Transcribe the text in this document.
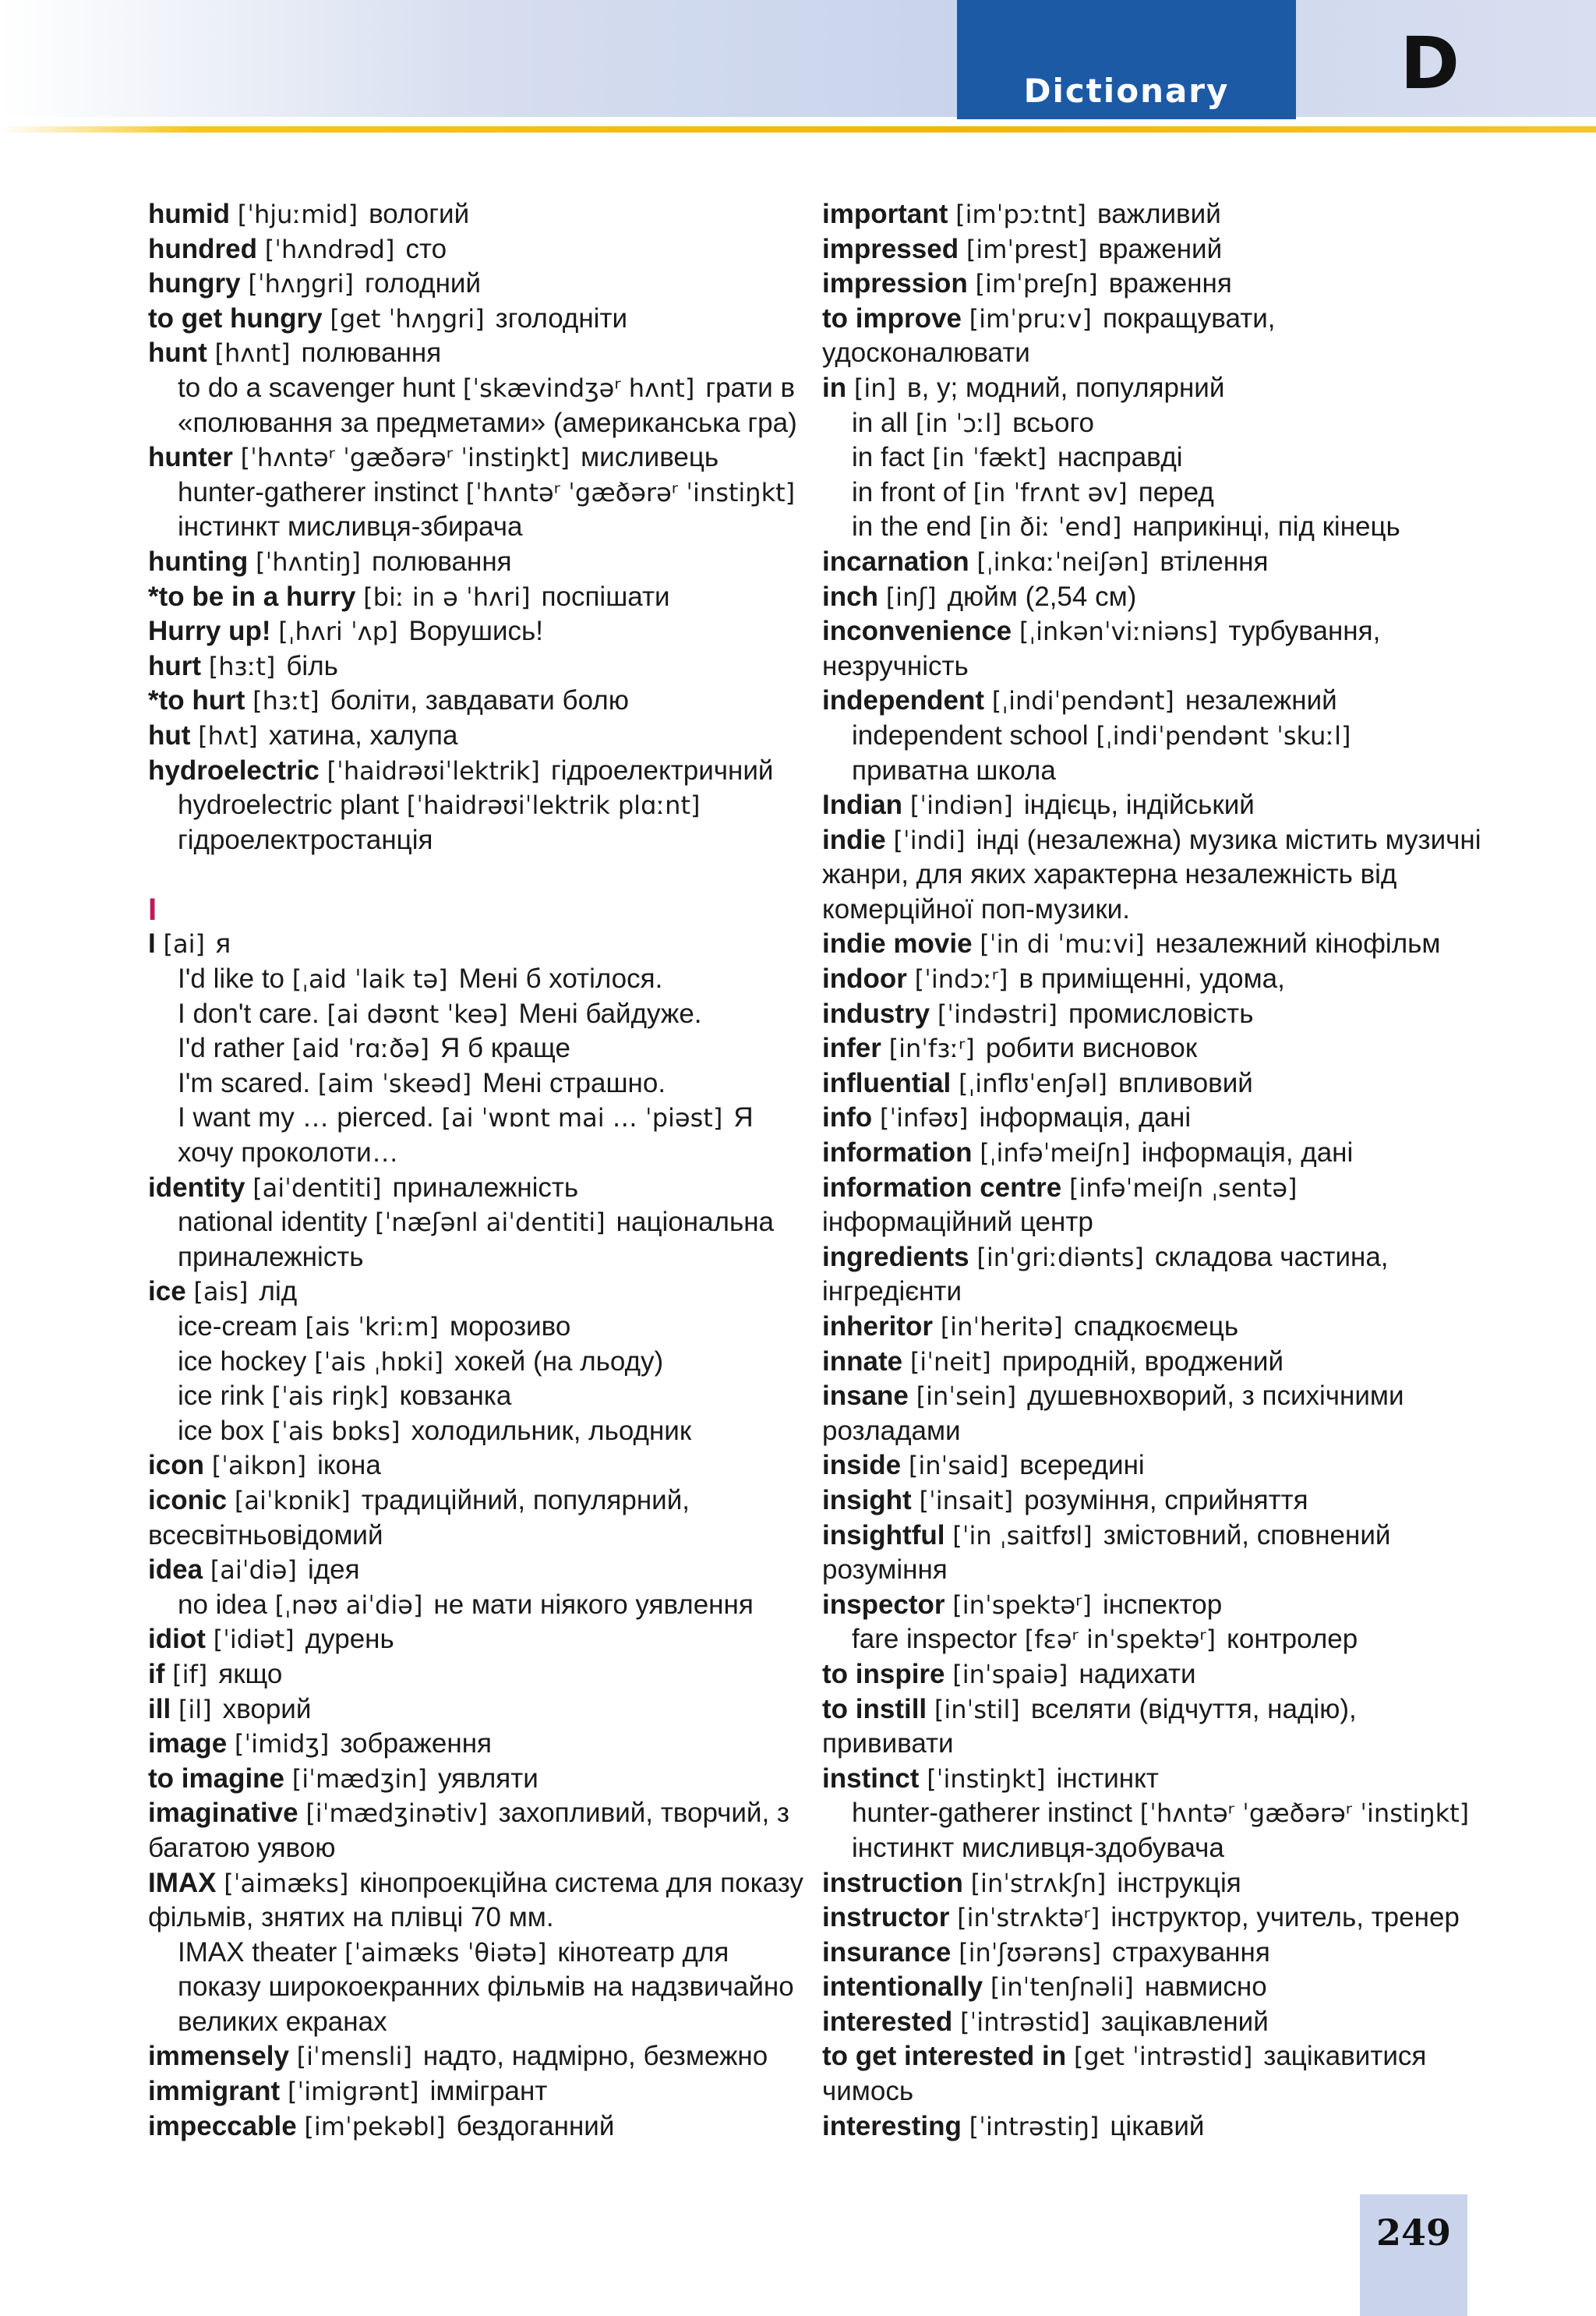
Dictionary	D
humid [ˈhjuːmid] вологий
hundred [ˈhʌndrəd] сто
hungry [ˈhʌŋgri] голодний
to get hungry [get ˈhʌŋgri] зголодніти
hunt [hʌnt] полювання
to do a scavenger hunt [ˈskævindʒəʳ hʌnt] грати в
«полювання за предметами» (американська гра)
hunter [ˈhʌntəʳ ˈgæðərəʳ ˈinstiŋkt] мисливець
hunter-gatherer instinct [ˈhʌntəʳ ˈgæðərəʳ ˈinstiŋkt]
інстинкт мисливця-збирача
hunting [ˈhʌntiŋ] полювання
*to be in a hurry [biː in ə ˈhʌri] поспішати
Hurry up! [ˌhʌri ˈʌp] Ворушись!
hurt [hɜːt] біль
*to hurt [hɜːt] боліти, завдавати болю
hut [hʌt] хатина, халупа
hydroelectric [ˈhaidrəʊiˈlektrik] гідроелектричний
hydroelectric plant [ˈhaidrəʊiˈlektrik plɑːnt]
гідроелектростанція
I
I [ai] я
I'd like to [ˌaid ˈlaik tə] Мені б хотілося.
I don't care. [ai dəʊnt ˈkeə] Мені байдуже.
I'd rather [aid ˈrɑːðə] Я б краще
I'm scared. [aim ˈskeəd] Мені страшно.
I want my … pierced. [ai ˈwɒnt mai … ˈpiəst] Я
хочу проколоти…
identity [aiˈdentiti] приналежність
national identity [ˈnæʃənl aiˈdentiti] національна
приналежність
ice [ais] лід
ice-cream [ais ˈkriːm] морозиво
ice hockey [ˈais ˌhɒki] хокей (на льоду)
ice rink [ˈais riŋk] ковзанка
ice box [ˈais bɒks] холодильник, льодник
icon [ˈaikɒn] ікона
iconic [aiˈkɒnik] традиційний, популярний,
всесвітньовідомий
idea [aiˈdiə] ідея
no idea [ˌnəʊ aiˈdiə] не мати ніякого уявлення
idiot [ˈidiət] дурень
if [if] якщо
ill [il] хворий
image [ˈimidʒ] зображення
to imagine [iˈmædʒin] уявляти
imaginative [iˈmædʒinətiv] захопливий, творчий, з
багатою уявою
IMAX [ˈaimæks] кінопроекційна система для показу
фільмів, знятих на плівці 70 мм.
IMAX theater [ˈaimæks ˈθiətə] кінотеатр для
показу широкоекранних фільмів на надзвичайно
великих екранах
immensely [iˈmensli] надто, надмірно, безмежно
immigrant [ˈimigrənt] іммігрант
impeccable [imˈpekəbl] бездоганний
important [imˈpɔːtnt] важливий
impressed [imˈprest] вражений
impression [imˈpreʃn] враження
to improve [imˈpruːv] покращувати,
удосконалювати
in [in] в, у; модний, популярний
in all [in ˈɔːl] всього
in fact [in ˈfækt] насправді
in front of [in ˈfrʌnt əv] перед
in the end [in ðiː ˈend] наприкінці, під кінець
incarnation [ˌinkɑːˈneiʃən] втілення
inch [inʃ] дюйм (2,54 см)
inconvenience [ˌinkənˈviːniəns] турбування,
незручність
independent [ˌindiˈpendənt] незалежний
independent school [ˌindiˈpendənt ˈskuːl]
приватна школа
Indian [ˈindiən] індієць, індійський
indie [ˈindi] інді (незалежна) музика містить музичні
жанри, для яких характерна незалежність від
комерційної поп-музики.
indie movie [ˈin di ˈmuːvi] незалежний кінофільм
indoor [ˈindɔːʳ] в приміщенні, удома,
industry [ˈindəstri] промисловість
infer [inˈfɜːʳ] робити висновок
influential [ˌinflʊˈenʃəl] впливовий
info [ˈinfəʊ] інформація, дані
information [ˌinfəˈmeiʃn] інформація, дані
information centre [infəˈmeiʃn ˌsentə]
інформаційний центр
ingredients [inˈgriːdiənts] складова частина,
інгредієнти
inheritor [inˈheritə] спадкоємець
innate [iˈneit] природній, вроджений
insane [inˈsein] душевнохворий, з психічними
розладами
inside [inˈsaid] всередині
insight [ˈinsait] розуміння, сприйняття
insightful [ˈin ˌsaitfʊl] змістовний, сповнений
розуміння
inspector [inˈspektəʳ] інспектор
fare inspector [fɛəʳ inˈspektəʳ] контролер
to inspire [inˈspaiə] надихати
to instill [inˈstil] вселяти (відчуття, надію),
прививати
instinct [ˈinstiŋkt] інстинкт
hunter-gatherer instinct [ˈhʌntəʳ ˈgæðərəʳ ˈinstiŋkt]
інстинкт мисливця-здобувача
instruction [inˈstrʌkʃn] інструкція
instructor [inˈstrʌktəʳ] інструктор, учитель, тренер
insurance [inˈʃʊərəns] страхування
intentionally [inˈtenʃnəli] навмисно
interested [ˈintrəstid] зацікавлений
to get interested in [get ˈintrəstid] зацікавитися
чимось
interesting [ˈintrəstiŋ] цікавий
249
